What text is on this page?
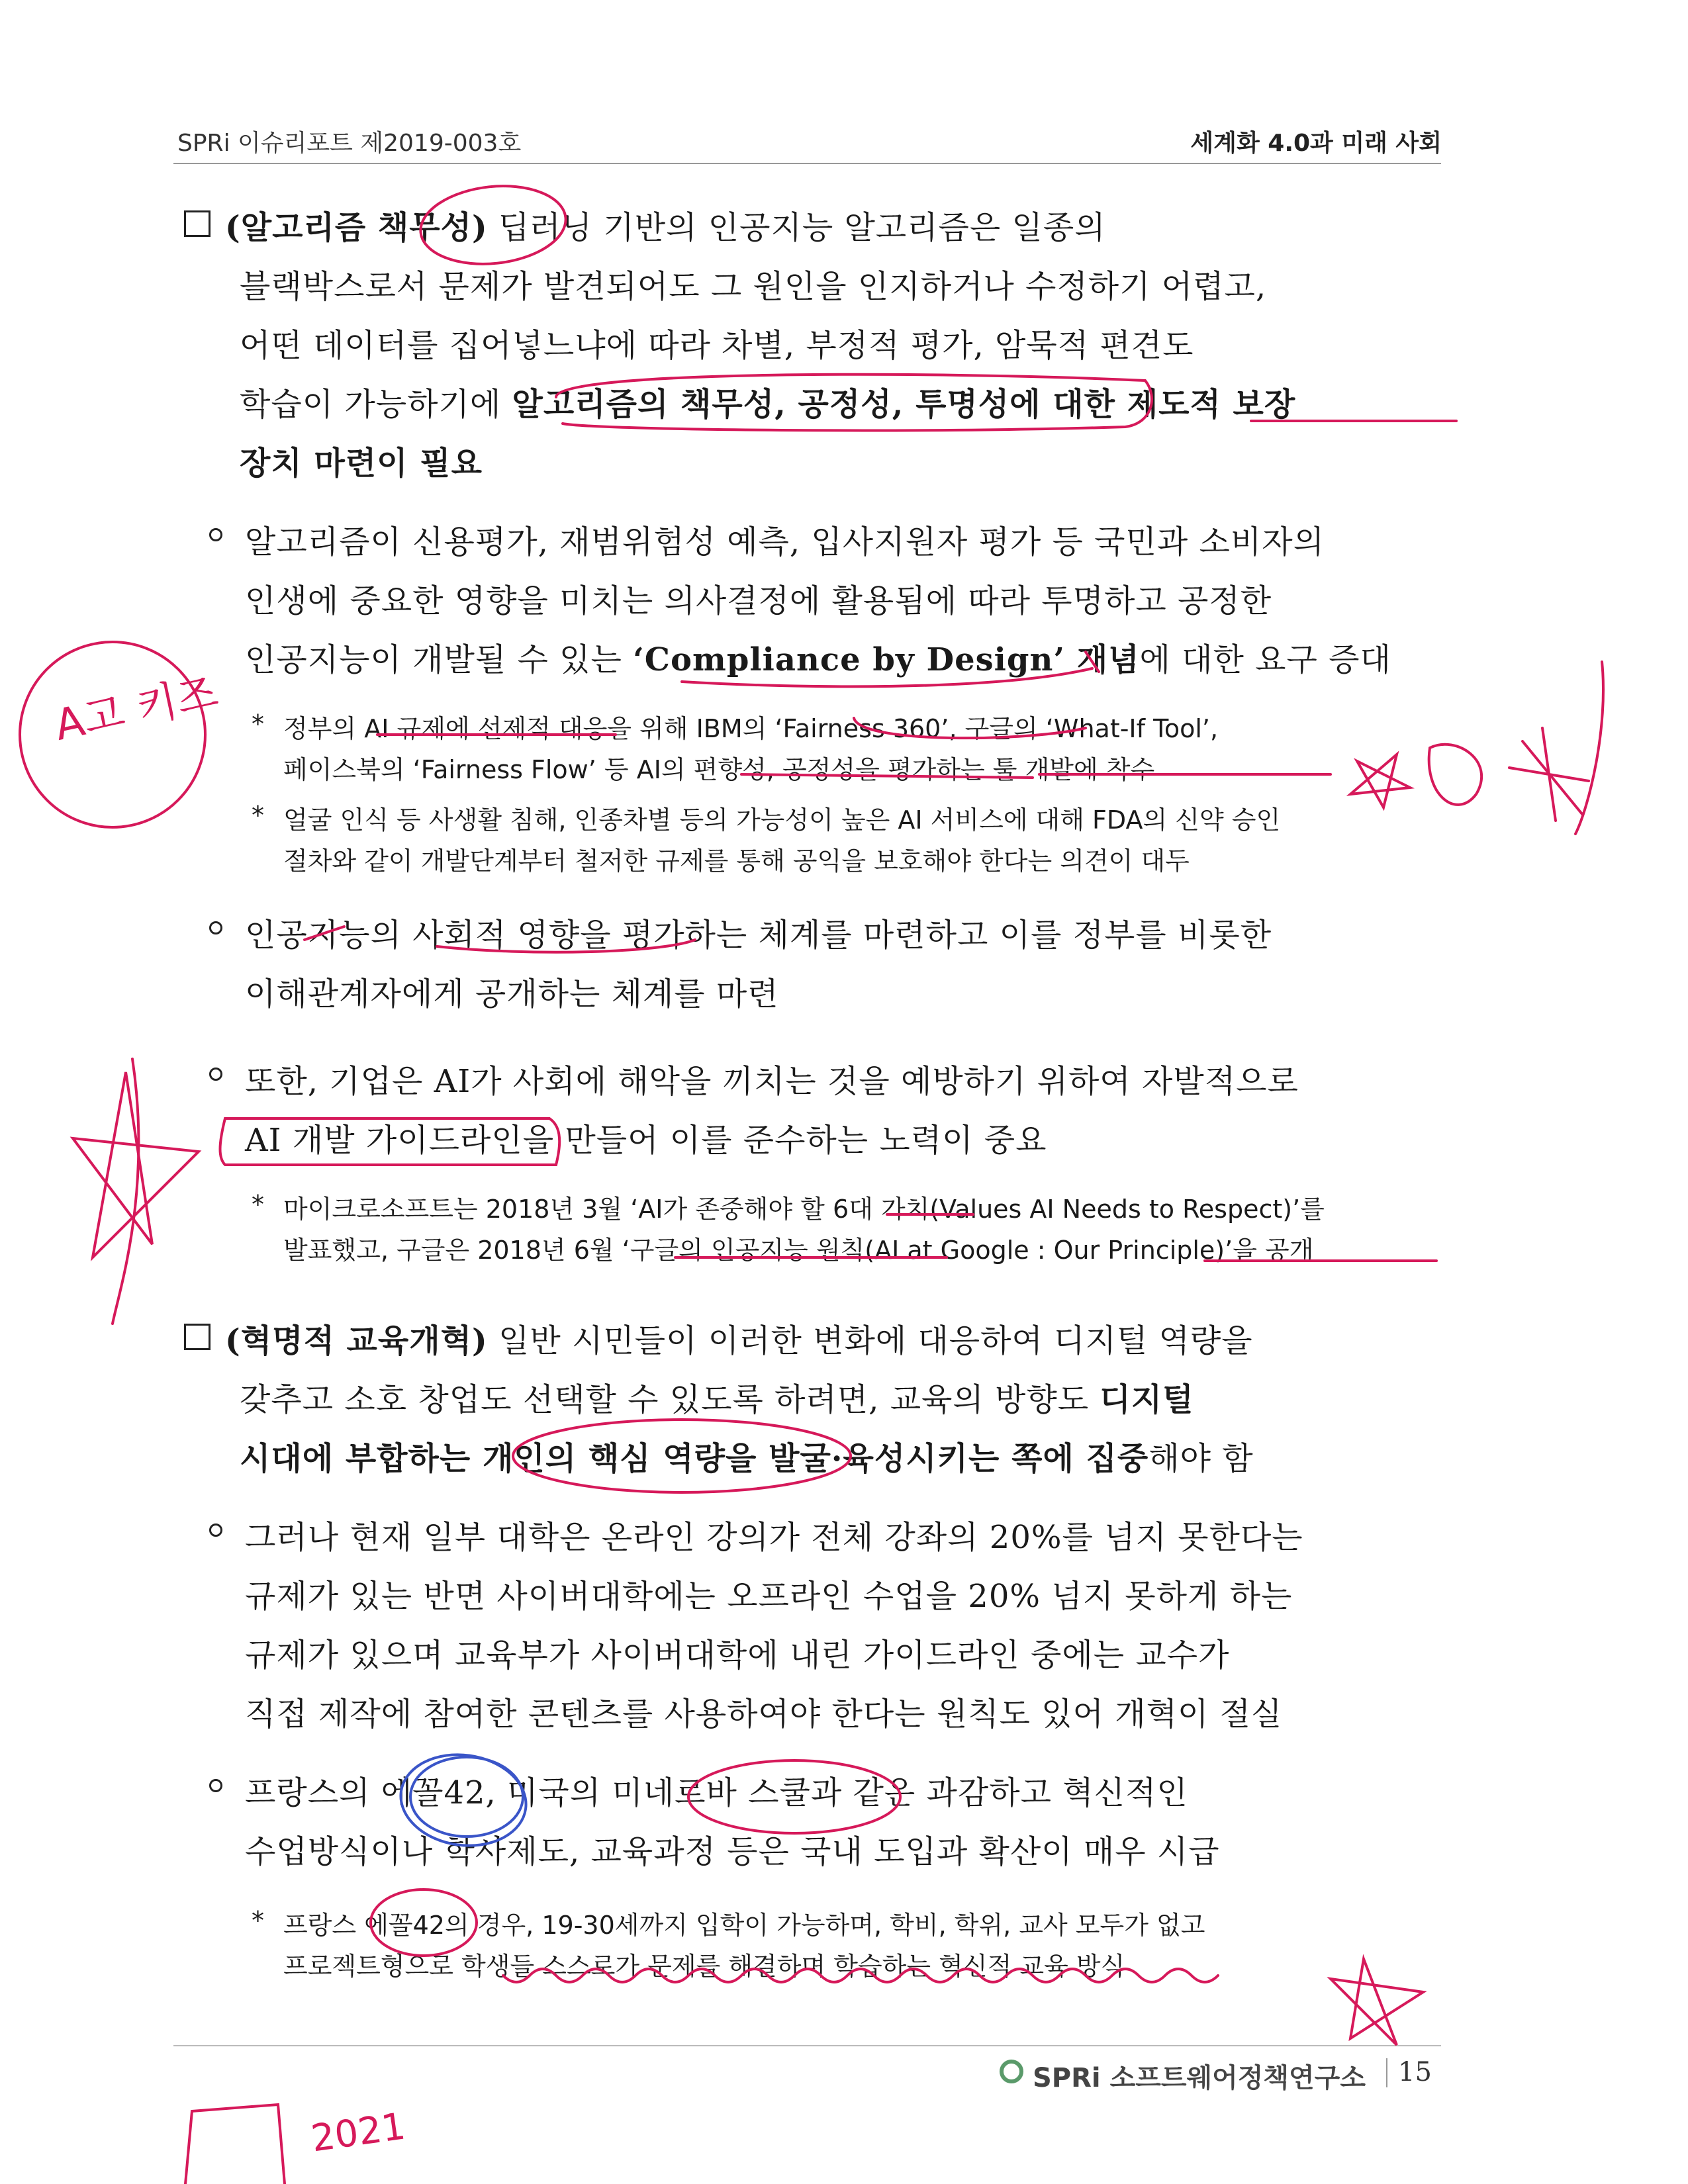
SPRi 이슈리포트 제2019-003호	세계화 4.0과 미래 사회
(알고리즘 책무성) 딥러닝 기반의 인공지능 알고리즘은 일종의
블랙박스로서 문제가 발견되어도 그 원인을 인지하거나 수정하기 어렵고,
어떤 데이터를 집어넣느냐에 따라 차별, 부정적 평가, 암묵적 편견도
학습이 가능하기에 알고리즘의 책무성, 공정성, 투명성에 대한 제도적 보장
장치 마련이 필요
알고리즘이 신용평가, 재범위험성 예측, 입사지원자 평가 등 국민과 소비자의
인생에 중요한 영향을 미치는 의사결정에 활용됨에 따라 투명하고 공정한
인공지능이 개발될 수 있는 ‘Compliance by Design’ 개념에 대한 요구 증대
* 정부의 AI 규제에 선제적 대응을 위해 IBM의 ‘Fairness 360’, 구글의 ‘What-If Tool’,
페이스북의 ‘Fairness Flow’ 등 AI의 편향성, 공정성을 평가하는 툴 개발에 착수
* 얼굴 인식 등 사생활 침해, 인종차별 등의 가능성이 높은 AI 서비스에 대해 FDA의 신약 승인
절차와 같이 개발단계부터 철저한 규제를 통해 공익을 보호해야 한다는 의견이 대두
인공지능의 사회적 영향을 평가하는 체계를 마련하고 이를 정부를 비롯한
이해관계자에게 공개하는 체계를 마련
또한, 기업은 AI가 사회에 해악을 끼치는 것을 예방하기 위하여 자발적으로
AI 개발 가이드라인을 만들어 이를 준수하는 노력이 중요
* 마이크로소프트는 2018년 3월 ‘AI가 존중해야 할 6대 가치(Values AI Needs to Respect)’를
발표했고, 구글은 2018년 6월 ‘구글의 인공지능 원칙(AI at Google : Our Principle)’을 공개
(혁명적 교육개혁) 일반 시민들이 이러한 변화에 대응하여 디지털 역량을
갖추고 소호 창업도 선택할 수 있도록 하려면, 교육의 방향도 디지털
시대에 부합하는 개인의 핵심 역량을 발굴·육성시키는 쪽에 집중해야 함
그러나 현재 일부 대학은 온라인 강의가 전체 강좌의 20%를 넘지 못한다는
규제가 있는 반면 사이버대학에는 오프라인 수업을 20% 넘지 못하게 하는
규제가 있으며 교육부가 사이버대학에 내린 가이드라인 중에는 교수가
직접 제작에 참여한 콘텐츠를 사용하여야 한다는 원칙도 있어 개혁이 절실
프랑스의 에꼴42, 미국의 미네르바 스쿨과 같은 과감하고 혁신적인
수업방식이나 학사제도, 교육과정 등은 국내 도입과 확산이 매우 시급
* 프랑스 에꼴42의 경우, 19-30세까지 입학이 가능하며, 학비, 학위, 교사 모두가 없고
프로젝트형으로 학생들 스스로가 문제를 해결하며 학습하는 혁신적 교육 방식
SPRi 소프트웨어정책연구소 15
A고 키즈
2021
